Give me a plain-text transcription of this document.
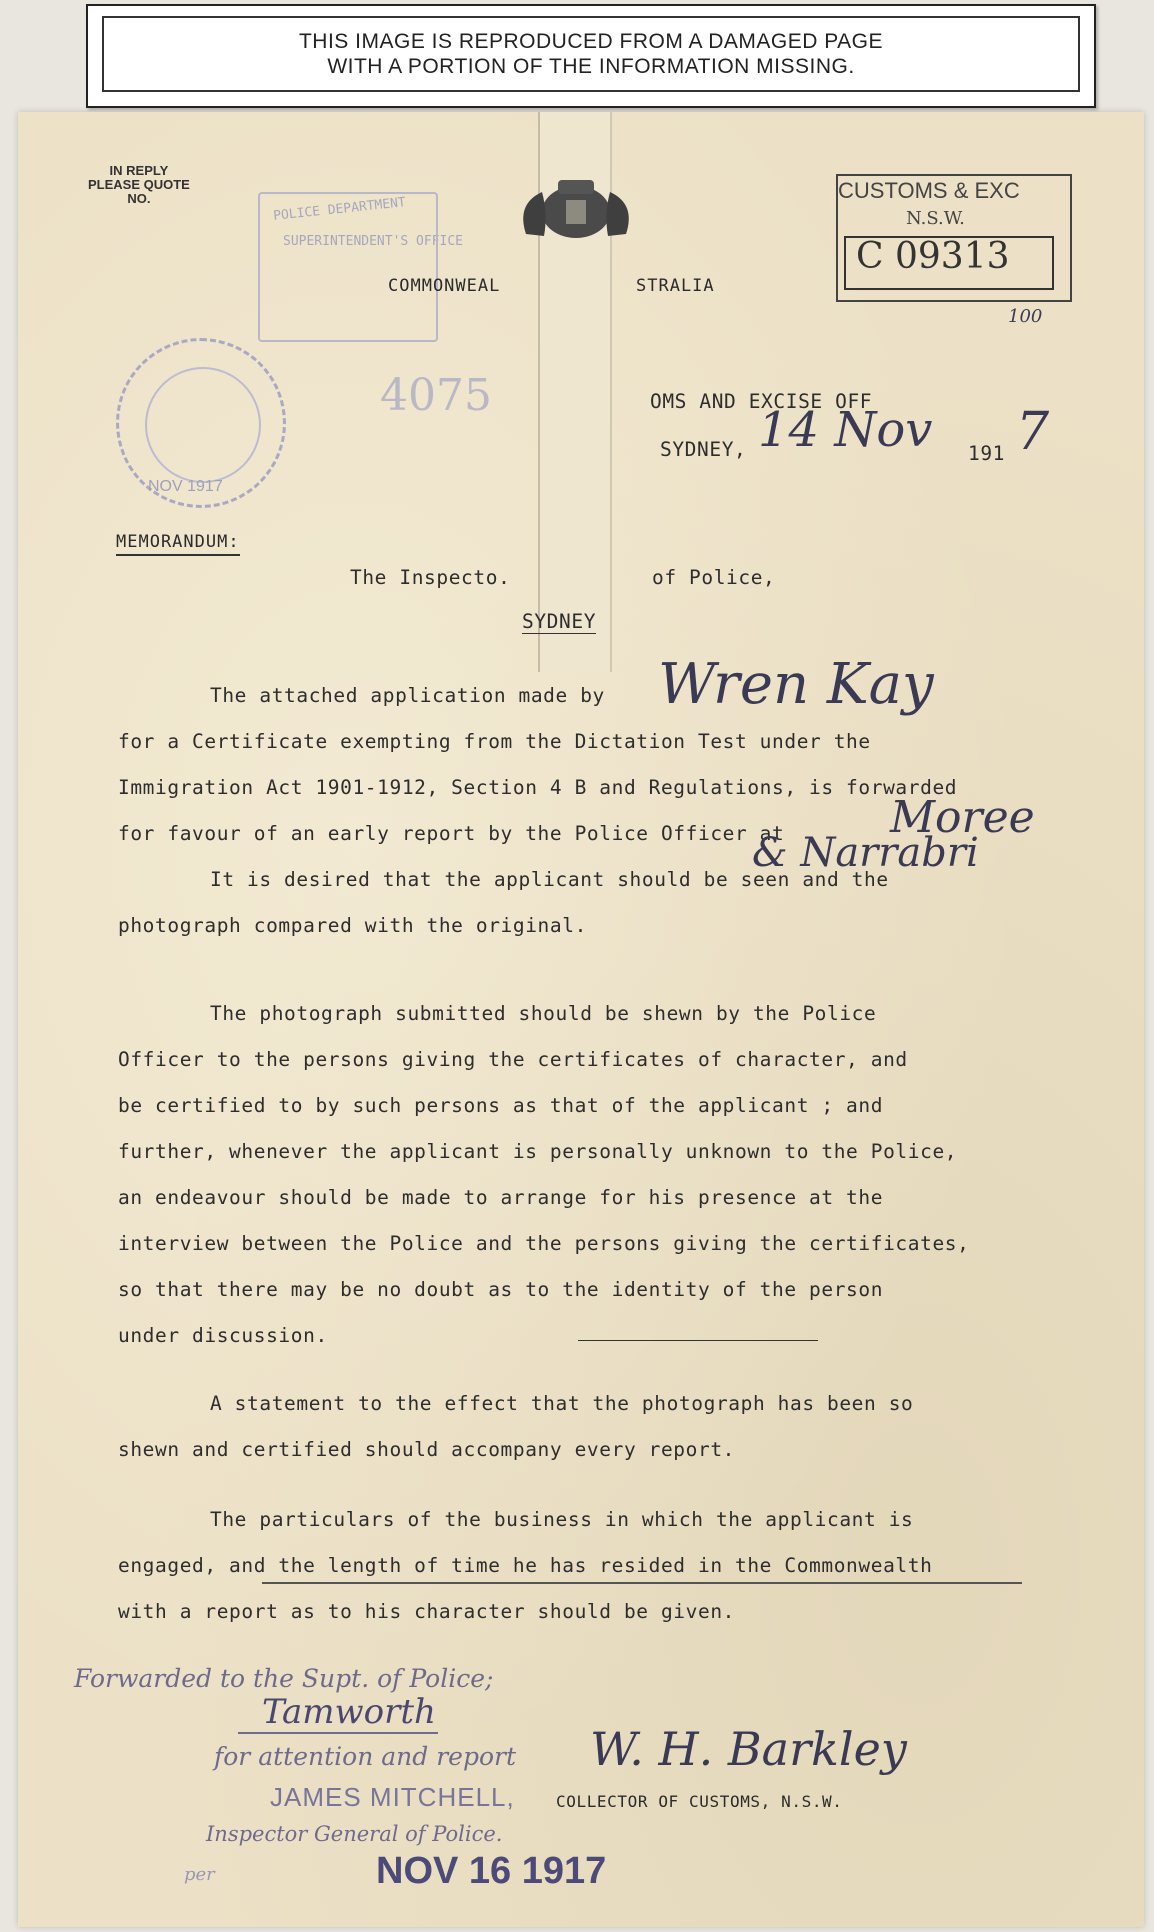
THIS IMAGE IS REPRODUCED FROM A DAMAGED PAGE
WITH A PORTION OF THE INFORMATION MISSING.
IN REPLY
PLEASE QUOTE
NO.	POLICE DEPARTMENT
SUPERINTENDENT'S OFFICE
COMMONWEAL	STRALIA
CUSTOMS & EXC
N.S.W.
C 09313
100
NOV 1917
4075	OMS AND EXCISE OFF
SYDNEY, 14 Nov 191 7
MEMORANDUM:
The Inspecto.	of Police,
SYDNEY
The attached application made by Wren Kay
for a Certificate exempting from the Dictation Test under the
Immigration Act 1901-1912, Section 4 B and Regulations, is forwarded
for favour of an early report by the Police Officer at Moree
& Narrabri
It is desired that the applicant should be seen and the
photograph compared with the original.
The photograph submitted should be shewn by the Police
Officer to the persons giving the certificates of character, and
be certified to by such persons as that of the applicant ; and
further, whenever the applicant is personally unknown to the Police,
an endeavour should be made to arrange for his presence at the
interview between the Police and the persons giving the certificates,
so that there may be no doubt as to the identity of the person
under discussion.
A statement to the effect that the photograph has been so
shewn and certified should accompany every report.
The particulars of the business in which the applicant is
engaged, and the length of time he has resided in the Commonwealth
with a report as to his character should be given.
Forwarded to the Supt. of Police;
Tamworth
for attention and report
JAMES MITCHELL,
Inspector General of Police.
per	NOV 16 1917
W. H. Barkley
COLLECTOR OF CUSTOMS, N.S.W.
